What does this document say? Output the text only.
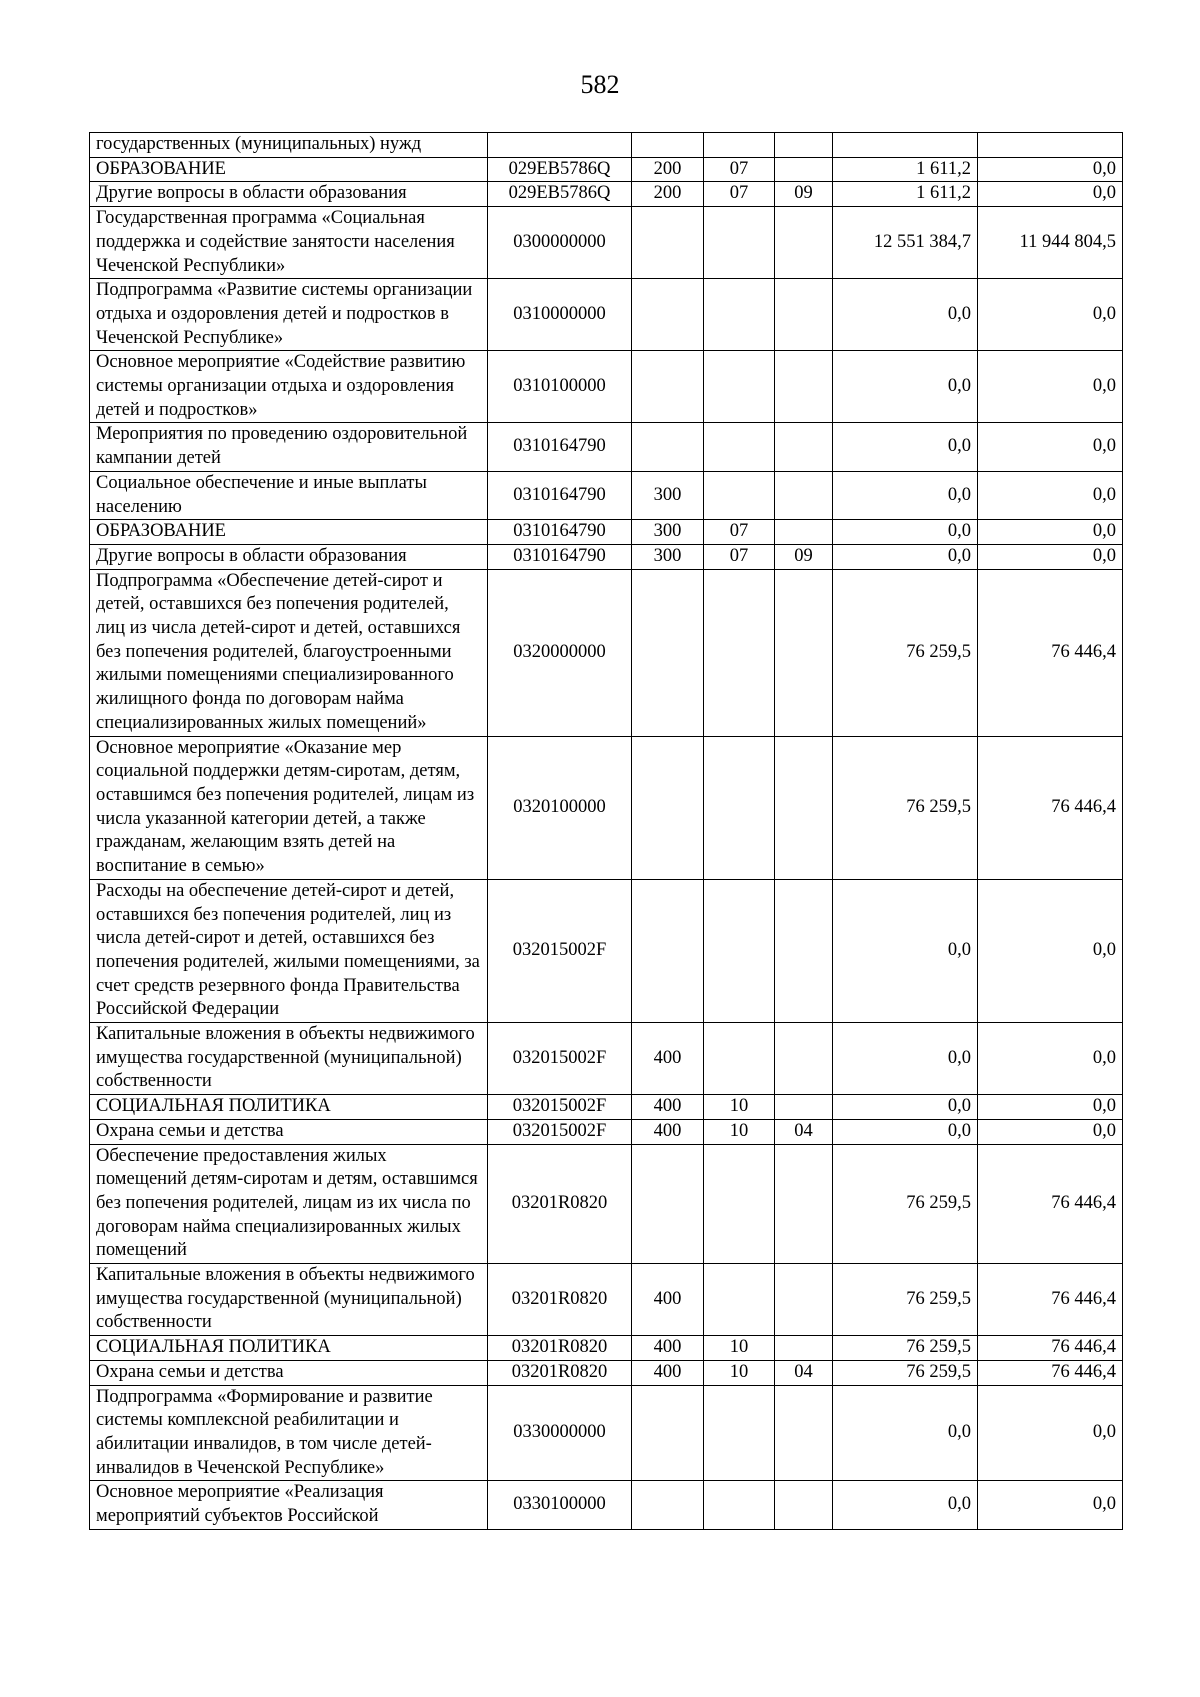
582
государственных (муниципальных) нужд						
ОБРАЗОВАНИЕ	029EB5786Q	200	07		1 611,2	0,0
Другие вопросы в области образования	029EB5786Q	200	07	09	1 611,2	0,0
Государственная программа «Социальная поддержка и содействие занятости населения Чеченской Республики»	0300000000				12 551 384,7	11 944 804,5
Подпрограмма «Развитие системы организации отдыха и оздоровления детей и подростков в Чеченской Республике»	0310000000				0,0	0,0
Основное мероприятие «Содействие развитию системы организации отдыха и оздоровления детей и подростков»	0310100000				0,0	0,0
Мероприятия по проведению оздоровительной кампании детей	0310164790				0,0	0,0
Социальное обеспечение и иные выплаты населению	0310164790	300			0,0	0,0
ОБРАЗОВАНИЕ	0310164790	300	07		0,0	0,0
Другие вопросы в области образования	0310164790	300	07	09	0,0	0,0
Подпрограмма «Обеспечение детей-сирот и детей, оставшихся без попечения родителей, лиц из числа детей-сирот и детей, оставшихся без попечения родителей, благоустроенными жилыми помещениями специализированного жилищного фонда по договорам найма специализированных жилых помещений»	0320000000				76 259,5	76 446,4
Основное мероприятие «Оказание мер социальной поддержки детям-сиротам, детям, оставшимся без попечения родителей, лицам из числа указанной категории детей, а также гражданам, желающим взять детей на воспитание в семью»	0320100000				76 259,5	76 446,4
Расходы на обеспечение детей-сирот и детей, оставшихся без попечения родителей, лиц из числа детей-сирот и детей, оставшихся без попечения родителей, жилыми помещениями, за счет средств резервного фонда Правительства Российской Федерации	032015002F				0,0	0,0
Капитальные вложения в объекты недвижимого имущества государственной (муниципальной) собственности	032015002F	400			0,0	0,0
СОЦИАЛЬНАЯ ПОЛИТИКА	032015002F	400	10		0,0	0,0
Охрана семьи и детства	032015002F	400	10	04	0,0	0,0
Обеспечение предоставления жилых помещений детям-сиротам и детям, оставшимся без попечения родителей, лицам из их числа по договорам найма специализированных жилых помещений	03201R0820				76 259,5	76 446,4
Капитальные вложения в объекты недвижимого имущества государственной (муниципальной) собственности	03201R0820	400			76 259,5	76 446,4
СОЦИАЛЬНАЯ ПОЛИТИКА	03201R0820	400	10		76 259,5	76 446,4
Охрана семьи и детства	03201R0820	400	10	04	76 259,5	76 446,4
Подпрограмма «Формирование и развитие системы комплексной реабилитации и абилитации инвалидов, в том числе детей-инвалидов в Чеченской Республике»	0330000000				0,0	0,0
Основное мероприятие «Реализация мероприятий субъектов Российской	0330100000				0,0	0,0
